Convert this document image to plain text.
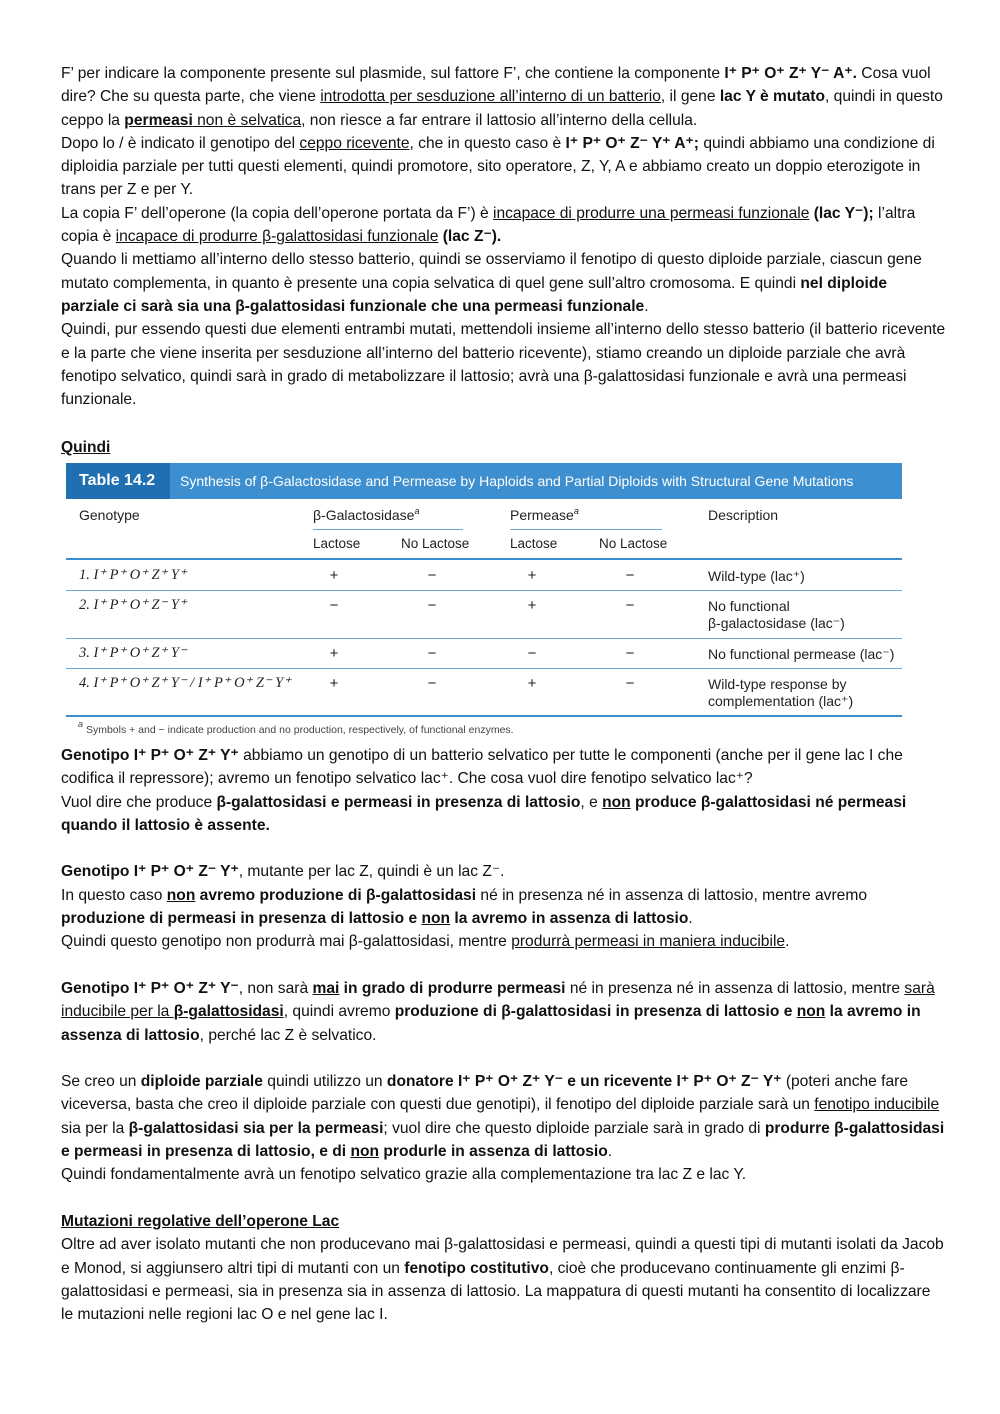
F’ per indicare la componente presente sul plasmide, sul fattore F’, che contiene la componente I⁺ P⁺ O⁺ Z⁺ Y⁻ A⁺. Cosa vuol dire? Che su questa parte, che viene introdotta per sesduzione all’interno di un batterio, il gene lac Y è mutato, quindi in questo ceppo la permeasi non è selvatica, non riesce a far entrare il lattosio all’interno della cellula.

Dopo lo / è indicato il genotipo del ceppo ricevente, che in questo caso è I⁺ P⁺ O⁺ Z⁻ Y⁺ A⁺; quindi abbiamo una condizione di diploidia parziale per tutti questi elementi, quindi promotore, sito operatore, Z, Y, A e abbiamo creato un doppio eterozigote in trans per Z e per Y.

La copia F’ dell’operone (la copia dell’operone portata da F’) è incapace di produrre una permeasi funzionale (lac Y⁻); l’altra copia è incapace di produrre β-galattosidasi funzionale (lac Z⁻).

Quando li mettiamo all’interno dello stesso batterio, quindi se osserviamo il fenotipo di questo diploide parziale, ciascun gene mutato complementa, in quanto è presente una copia selvatica di quel gene sull’altro cromosoma. E quindi nel diploide parziale ci sarà sia una β-galattosidasi funzionale che una permeasi funzionale.

Quindi, pur essendo questi due elementi entrambi mutati, mettendoli insieme all’interno dello stesso batterio (il batterio ricevente e la parte che viene inserita per sesduzione all’interno del batterio ricevente), stiamo creando un diploide parziale che avrà fenotipo selvatico, quindi sarà in grado di metabolizzare il lattosio; avrà una β-galattosidasi funzionale e avrà una permeasi funzionale.

Quindi
Table 14.2	Synthesis of β-Galactosidase and Permease by Haploids and Partial Diploids with Structural Gene Mutations
Genotype	β-Galactosidase$^a$	Permease$^a$	Description
Lactose	No Lactose	Lactose	No Lactose
1. I⁺ P⁺ O⁺ Z⁺ Y⁺	+	−	+	−	Wild-type (lac⁺)
2. I⁺ P⁺ O⁺ Z⁻ Y⁺	−	−	+	−	No functional
β-galactosidase (lac⁻)
3. I⁺ P⁺ O⁺ Z⁺ Y⁻	+	−	−	−	No functional permease (lac⁻)
4. I⁺ P⁺ O⁺ Z⁺ Y⁻ / I⁺ P⁺ O⁺ Z⁻ Y⁺	+	−	+	−	Wild-type response by
complementation (lac⁺)
$^a$ Symbols + and − indicate production and no production, respectively, of functional enzymes.

Genotipo I⁺ P⁺ O⁺ Z⁺ Y⁺ abbiamo un genotipo di un batterio selvatico per tutte le componenti (anche per il gene lac I che codifica il repressore); avremo un fenotipo selvatico lac⁺. Che cosa vuol dire fenotipo selvatico lac⁺?

Vuol dire che produce β-galattosidasi e permeasi in presenza di lattosio, e non produce β-galattosidasi né permeasi quando il lattosio è assente.

Genotipo I⁺ P⁺ O⁺ Z⁻ Y⁺, mutante per lac Z, quindi è un lac Z⁻.

In questo caso non avremo produzione di β-galattosidasi né in presenza né in assenza di lattosio, mentre avremo produzione di permeasi in presenza di lattosio e non la avremo in assenza di lattosio.

Quindi questo genotipo non produrrà mai β-galattosidasi, mentre produrrà permeasi in maniera inducibile.

Genotipo I⁺ P⁺ O⁺ Z⁺ Y⁻, non sarà mai in grado di produrre permeasi né in presenza né in assenza di lattosio, mentre sarà inducibile per la β-galattosidasi, quindi avremo produzione di β-galattosidasi in presenza di lattosio e non la avremo in assenza di lattosio, perché lac Z è selvatico.

Se creo un diploide parziale quindi utilizzo un donatore I⁺ P⁺ O⁺ Z⁺ Y⁻ e un ricevente I⁺ P⁺ O⁺ Z⁻ Y⁺ (poteri anche fare viceversa, basta che creo il diploide parziale con questi due genotipi), il fenotipo del diploide parziale sarà un fenotipo inducibile sia per la β-galattosidasi sia per la permeasi; vuol dire che questo diploide parziale sarà in grado di produrre β-galattosidasi e permeasi in presenza di lattosio, e di non produrle in assenza di lattosio.

Quindi fondamentalmente avrà un fenotipo selvatico grazie alla complementazione tra lac Z e lac Y.

Mutazioni regolative dell’operone Lac

Oltre ad aver isolato mutanti che non producevano mai β-galattosidasi e permeasi, quindi a questi tipi di mutanti isolati da Jacob e Monod, si aggiunsero altri tipi di mutanti con un fenotipo costitutivo, cioè che producevano continuamente gli enzimi β-galattosidasi e permeasi, sia in presenza sia in assenza di lattosio. La mappatura di questi mutanti ha consentito di localizzare le mutazioni nelle regioni lac O e nel gene lac I.
